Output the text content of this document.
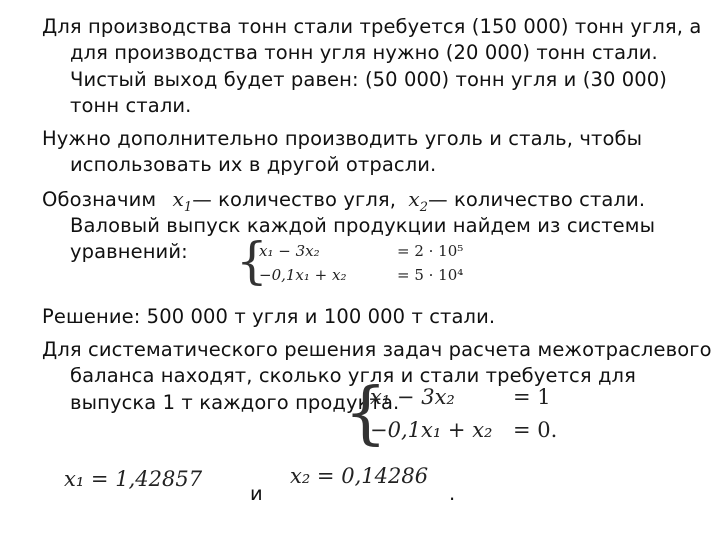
Для производства тонн стали требуется (150 000) тонн угля, а
для производства тонн угля нужно (20 000) тонн стали.
Чистый выход будет равен: (50 000) тонн угля и (30 000)
тонн стали.
Нужно дополнительно производить уголь и сталь, чтобы
использовать их в другой отрасли.
Обозначим $x_1—$ количество угля, $x_2—$ количество стали.
Валовый выпуск каждой продукции найдем из системы
уравнений: {
x₁ − 3x₂	= 2 · 10⁵
−0,1x₁ + x₂	= 5 · 10⁴
Решение: 500 000 т угля и 100 000 т стали.
Для систематического решения задач расчета межотраслевого
баланса находят, сколько угля и стали требуется для
выпуска 1 т каждого продукта.
{
x₁ − 3x₂	= 1
−0,1x₁ + x₂ = 0.
x₁ = 1,42857
и
x₂ = 0,14286
.
